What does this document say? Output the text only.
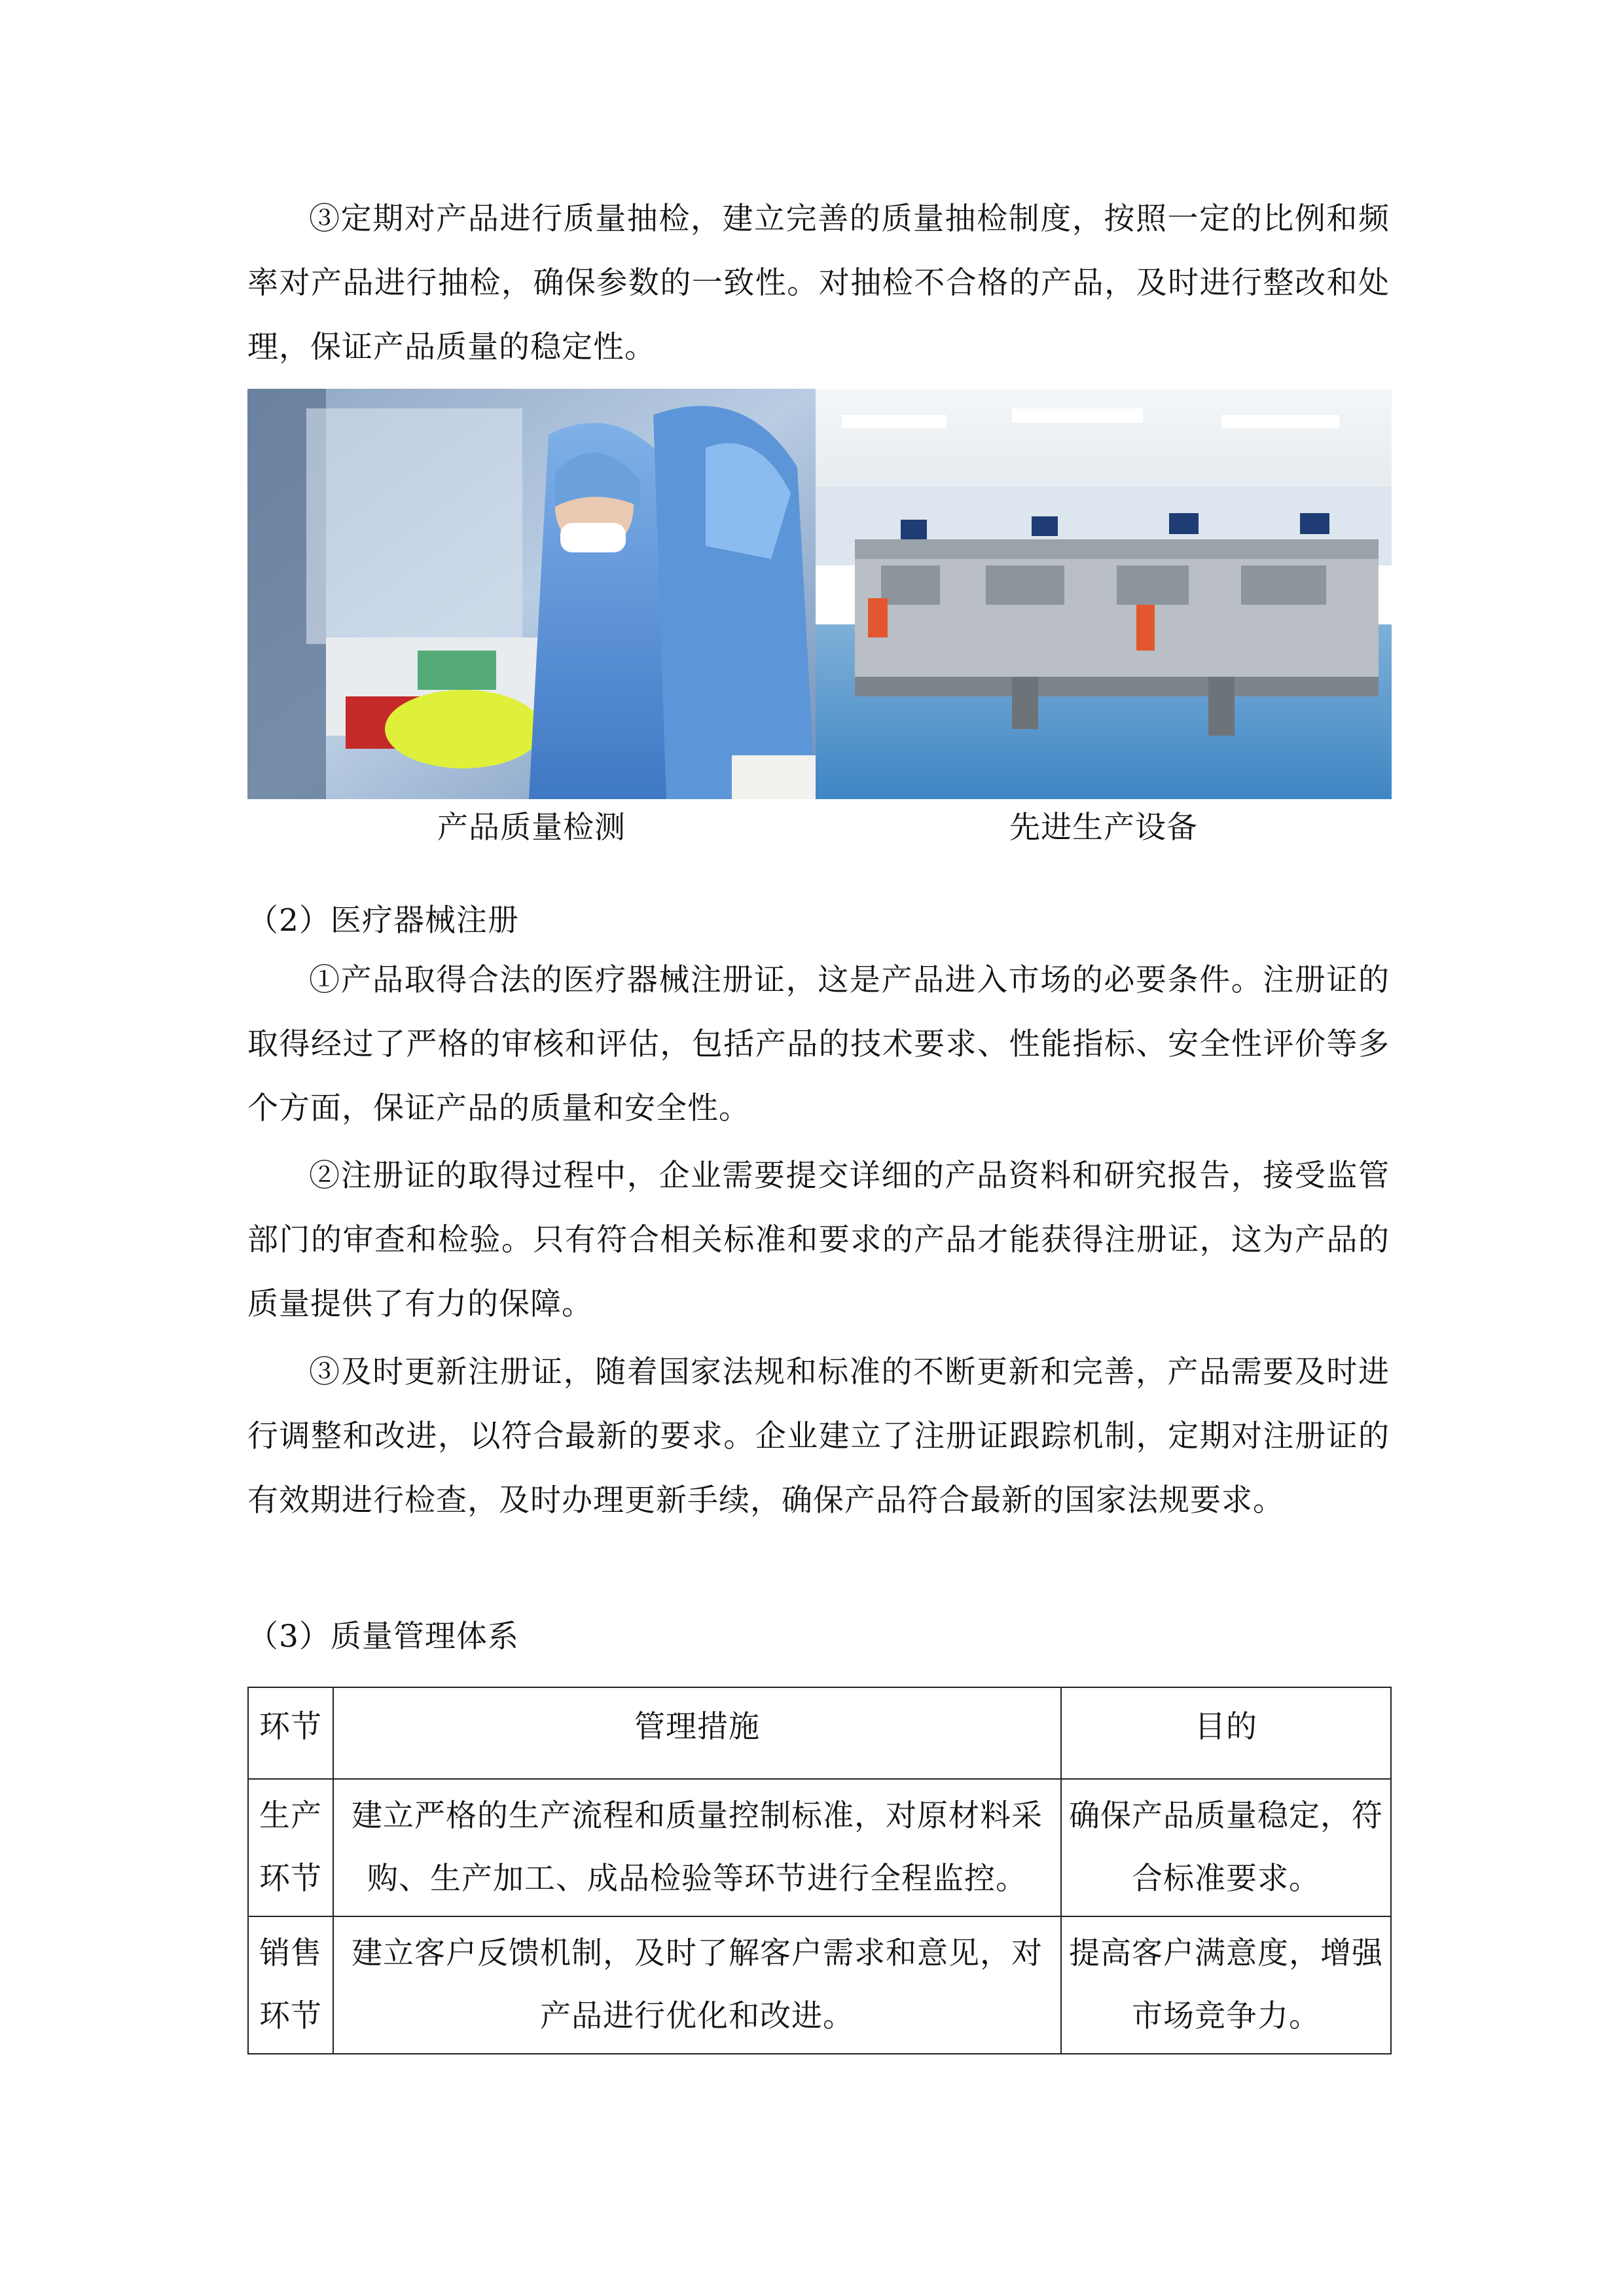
③定期对产品进行质量抽检，建立完善的质量抽检制度，按照一定的比例和频率对产品进行抽检，确保参数的一致性。对抽检不合格的产品，及时进行整改和处理，保证产品质量的稳定性。

产品质量检测	先进生产设备

（2）医疗器械注册

①产品取得合法的医疗器械注册证，这是产品进入市场的必要条件。注册证的取得经过了严格的审核和评估，包括产品的技术要求、性能指标、安全性评价等多个方面，保证产品的质量和安全性。

②注册证的取得过程中，企业需要提交详细的产品资料和研究报告，接受监管部门的审查和检验。只有符合相关标准和要求的产品才能获得注册证，这为产品的质量提供了有力的保障。

③及时更新注册证，随着国家法规和标准的不断更新和完善，产品需要及时进行调整和改进，以符合最新的要求。企业建立了注册证跟踪机制，定期对注册证的有效期进行检查，及时办理更新手续，确保产品符合最新的国家法规要求。

（3）质量管理体系

环节	管理措施	目的
生产环节	建立严格的生产流程和质量控制标准，对原材料采购、生产加工、成品检验等环节进行全程监控。	确保产品质量稳定，符合标准要求。
销售环节	建立客户反馈机制，及时了解客户需求和意见，对产品进行优化和改进。	提高客户满意度，增强市场竞争力。
